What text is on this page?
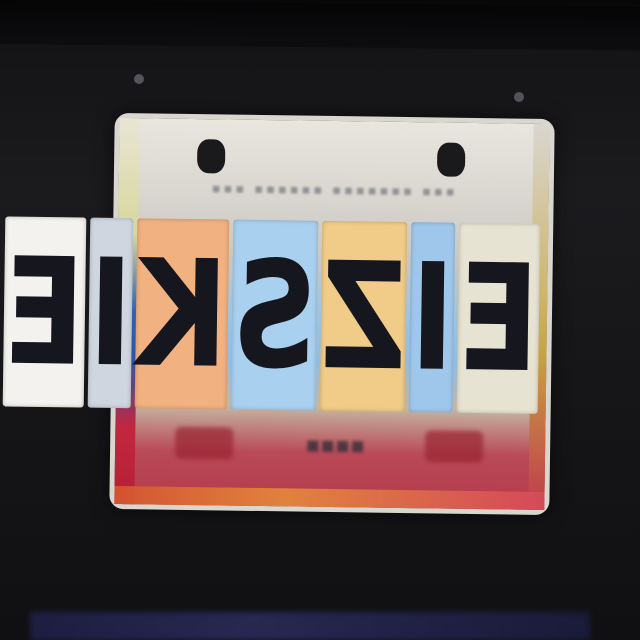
▪▪▪ ▪▪▪▪▪▪ ▪▪▪▪▪▪▪ ▪▪▪
E
I
Z
S
K
I
E
▪▪▪▪
